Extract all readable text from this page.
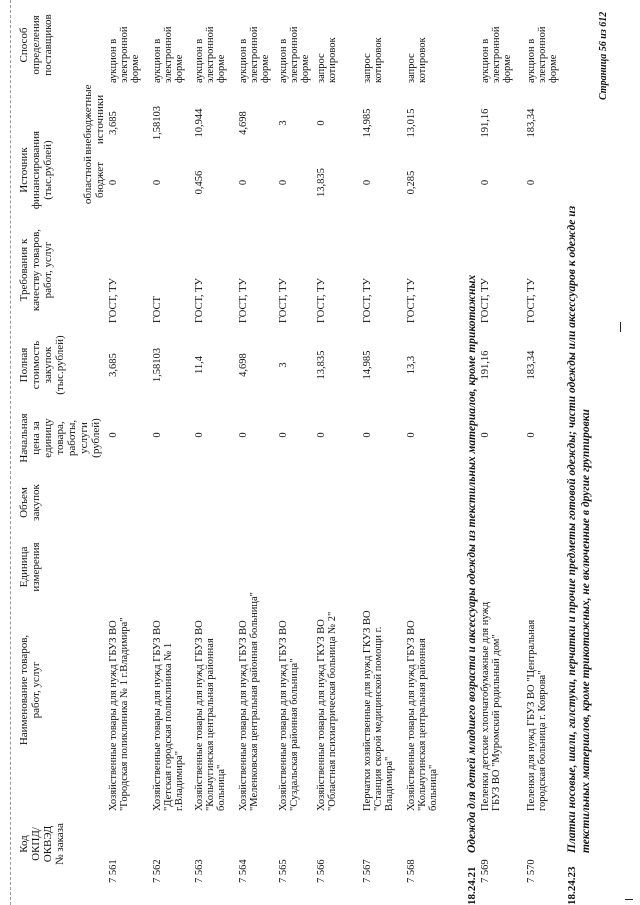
Код
ОКПД/
ОКВЭД
№ заказа
Наименование товаров,
работ, услуг
Единица
измерения
Объем
закупок
Начальная
цена за
единицу
товара,
работы,
услуги
(рублей)
Полная
стоимость
закупок
(тыс.рублей)
Требования к
качеству товаров,
работ, услуг
Источник
финансирования
(тыс.рублей)	областной
бюджет
внебюджетные
источники
Способ
определения
поставщиков
7 561
Хозяйственные товары для нужд ГБУЗ ВО "Городская поликлиника № 1 г.Владимира"
0
3,685
ГОСТ, ТУ
0
3,685
аукцион в электронной форме
7 562
Хозяйственные товары для нужд ГБУЗ ВО "Детская городская поликлиника № 1 г.Владимира"
0
1,58103
ГОСТ
0
1,58103
аукцион в электронной форме
7 563
Хозяйственные товары для нужд ГБУЗ ВО "Кольчугинская центральная районная больница"
0
11,4
ГОСТ, ТУ
0,456
10,944
аукцион в электронной форме
7 564
Хозяйственные товары для нужд ГБУЗ ВО "Меленковская центральная районная больница"
0
4,698
ГОСТ, ТУ
0
4,698
аукцион в электронной форме
7 565
Хозяйственные товары для нужд ГБУЗ ВО "Суздальская районная больница"
0
3
ГОСТ, ТУ
0
3
аукцион в электронной форме
7 566
Хозяйственные товары для нужд ГКУЗ ВО "Областная психиатрическая больница № 2"
0
13,835
ГОСТ, ТУ
13,835
0
запрос котировок
7 567
Перчатки хозяйственные для нужд ГКУЗ ВО "Станция скорой медицинской помощи г. Владимира"
0
14,985
ГОСТ, ТУ
0
14,985
запрос котировок
7 568
Хозяйственные товары для нужд ГБУЗ ВО "Кольчугинская центральная районная больница"
0
13,3
ГОСТ, ТУ
0,285
13,015
запрос котировок
18.24.21
Одежда для детей младшего возраста и аксессуары одежды из текстильных материалов, кроме трикотажных
7 569
Пеленки детские хлопчатобумажные для нужд ГБУЗ ВО "Муромский родильный дом"
0
191,16
ГОСТ, ТУ
0
191,16
аукцион в электронной форме
7 570
Пеленки для нужд ГБУЗ ВО "Центральная городская больница г. Коврова"
0
183,34
ГОСТ, ТУ
0
183,34
аукцион в электронной форме
18.24.23
Платки носовые, шали, галстуки, перчатки и прочие предметы готовой одежды; части одежды или аксессуаров к одежде из текстильных материалов, кроме трикотажных, не включенные в другие группировки
Страница 56 из 612
